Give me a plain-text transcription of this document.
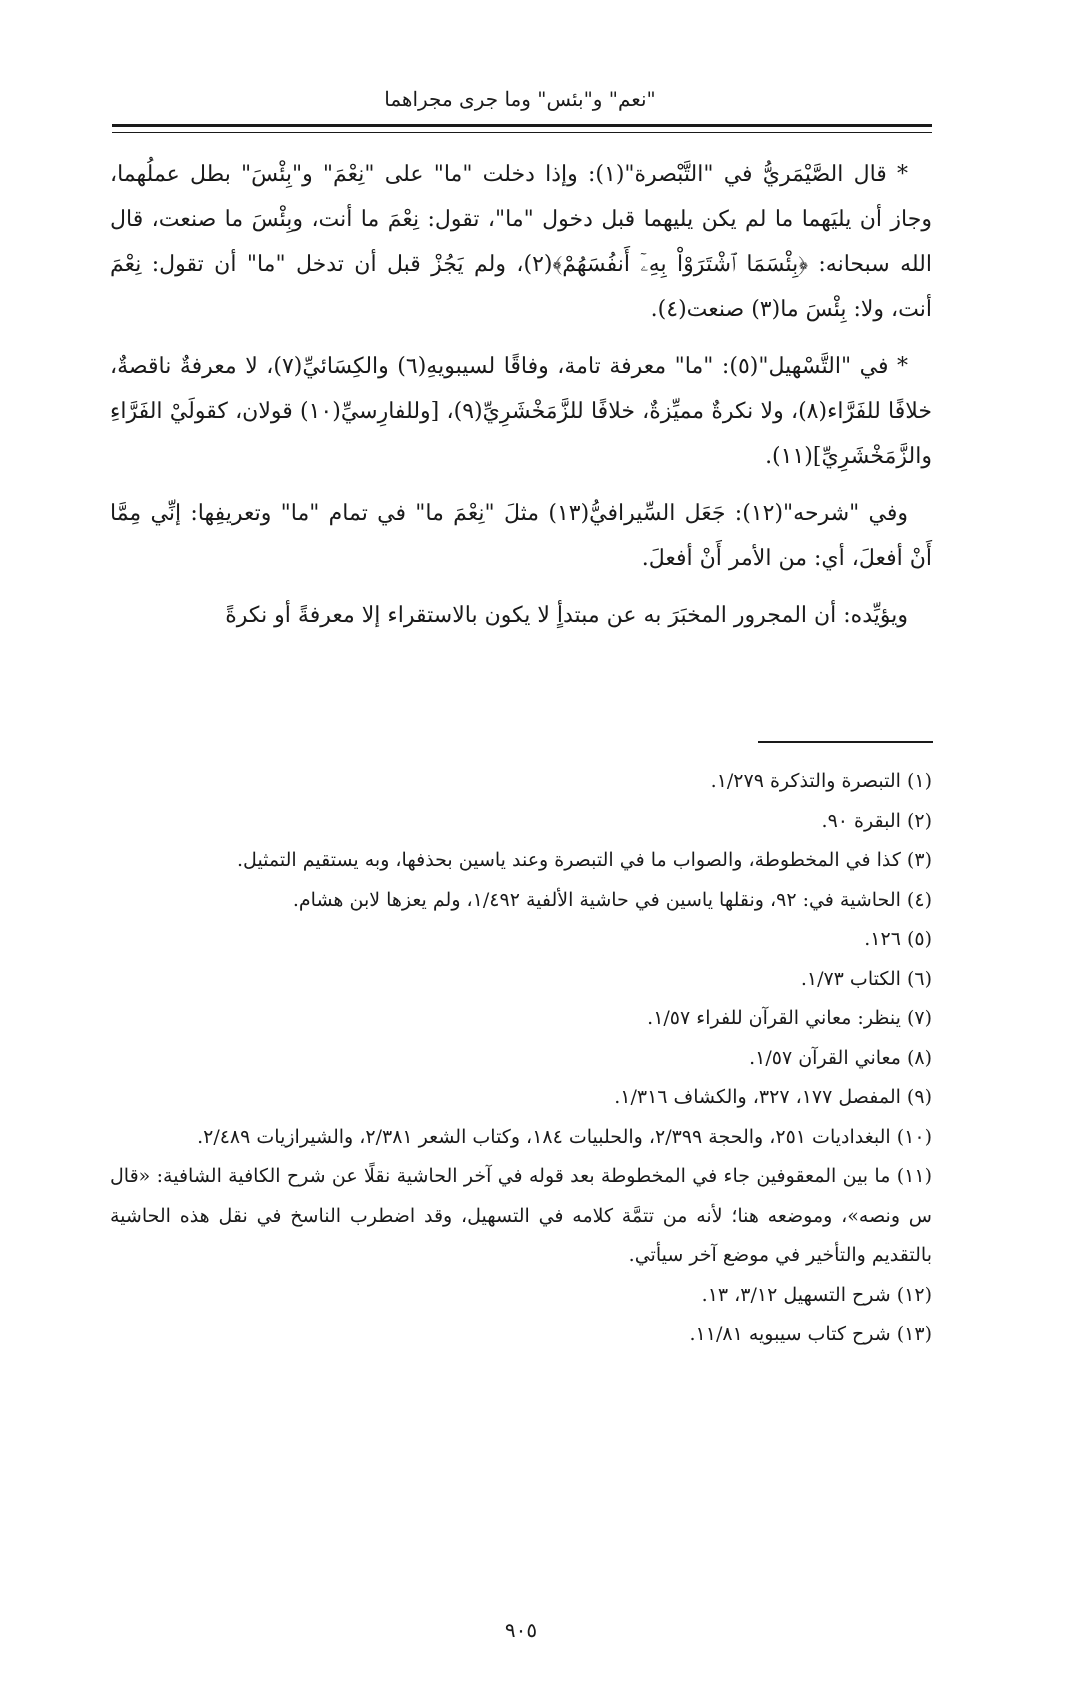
"نعم" و"بئس" وما جرى مجراهما

* قال الصَّيْمَريُّ في "التَّبْصرة"(١): وإذا دخلت "ما" على "نِعْمَ" و"بِئْسَ" بطل عملُهما، وجاز أن يليَهما ما لم يكن يليهما قبل دخول "ما"، تقول: نِعْمَ ما أنت، وبِئْسَ ما صنعت، قال الله سبحانه: ﴿بِئْسَمَا ٱشْتَرَوْاْ بِهِۦٓ أَنفُسَهُمْ﴾(٢)، ولم يَجُزْ قبل أن تدخل "ما" أن تقول: نِعْمَ أنت، ولا: بِئْسَ ما(٣) صنعت(٤).

* في "التَّسْهيل"(٥): "ما" معرفة تامة، وفاقًا لسيبويهِ(٦) والكِسَائيِّ(٧)، لا معرفةٌ ناقصةٌ، خلافًا للفَرَّاء(٨)، ولا نكرةٌ مميِّزةٌ، خلافًا للزَّمَخْشَرِيِّ(٩)، [وللفارِسيِّ(١٠) قولان، كقولَيْ الفَرَّاءِ والزَّمَخْشَرِيِّ](١١).

وفي "شرحه"(١٢): جَعَل السِّيرافيُّ(١٣) مثلَ "نِعْمَ ما" في تمام "ما" وتعريفِها: إنِّي مِمَّا أَنْ أفعلَ، أي: من الأمر أَنْ أفعلَ.

ويؤيِّده: أن المجرور المخبَرَ به عن مبتدأٍ لا يكون بالاستقراء إلا معرفةً أو نكرةً

(١) التبصرة والتذكرة ١/٢٧٩.

(٢) البقرة ٩٠.

(٣) كذا في المخطوطة، والصواب ما في التبصرة وعند ياسين بحذفها، وبه يستقيم التمثيل.

(٤) الحاشية في: ٩٢، ونقلها ياسين في حاشية الألفية ١/٤٩٢، ولم يعزها لابن هشام.

(٥) ١٢٦.

(٦) الكتاب ١/٧٣.

(٧) ينظر: معاني القرآن للفراء ١/٥٧.

(٨) معاني القرآن ١/٥٧.

(٩) المفصل ١٧٧، ٣٢٧، والكشاف ١/٣١٦.

(١٠) البغداديات ٢٥١، والحجة ٢/٣٩٩، والحلبيات ١٨٤، وكتاب الشعر ٢/٣٨١، والشيرازيات ٢/٤٨٩.

(١١) ما بين المعقوفين جاء في المخطوطة بعد قوله في آخر الحاشية نقلًا عن شرح الكافية الشافية: «قال س ونصه»، وموضعه هنا؛ لأنه من تتمَّة كلامه في التسهيل، وقد اضطرب الناسخ في نقل هذه الحاشية بالتقديم والتأخير في موضع آخر سيأتي.

(١٢) شرح التسهيل ٣/١٢، ١٣.

(١٣) شرح كتاب سيبويه ١١/٨١.

٩٠٥
